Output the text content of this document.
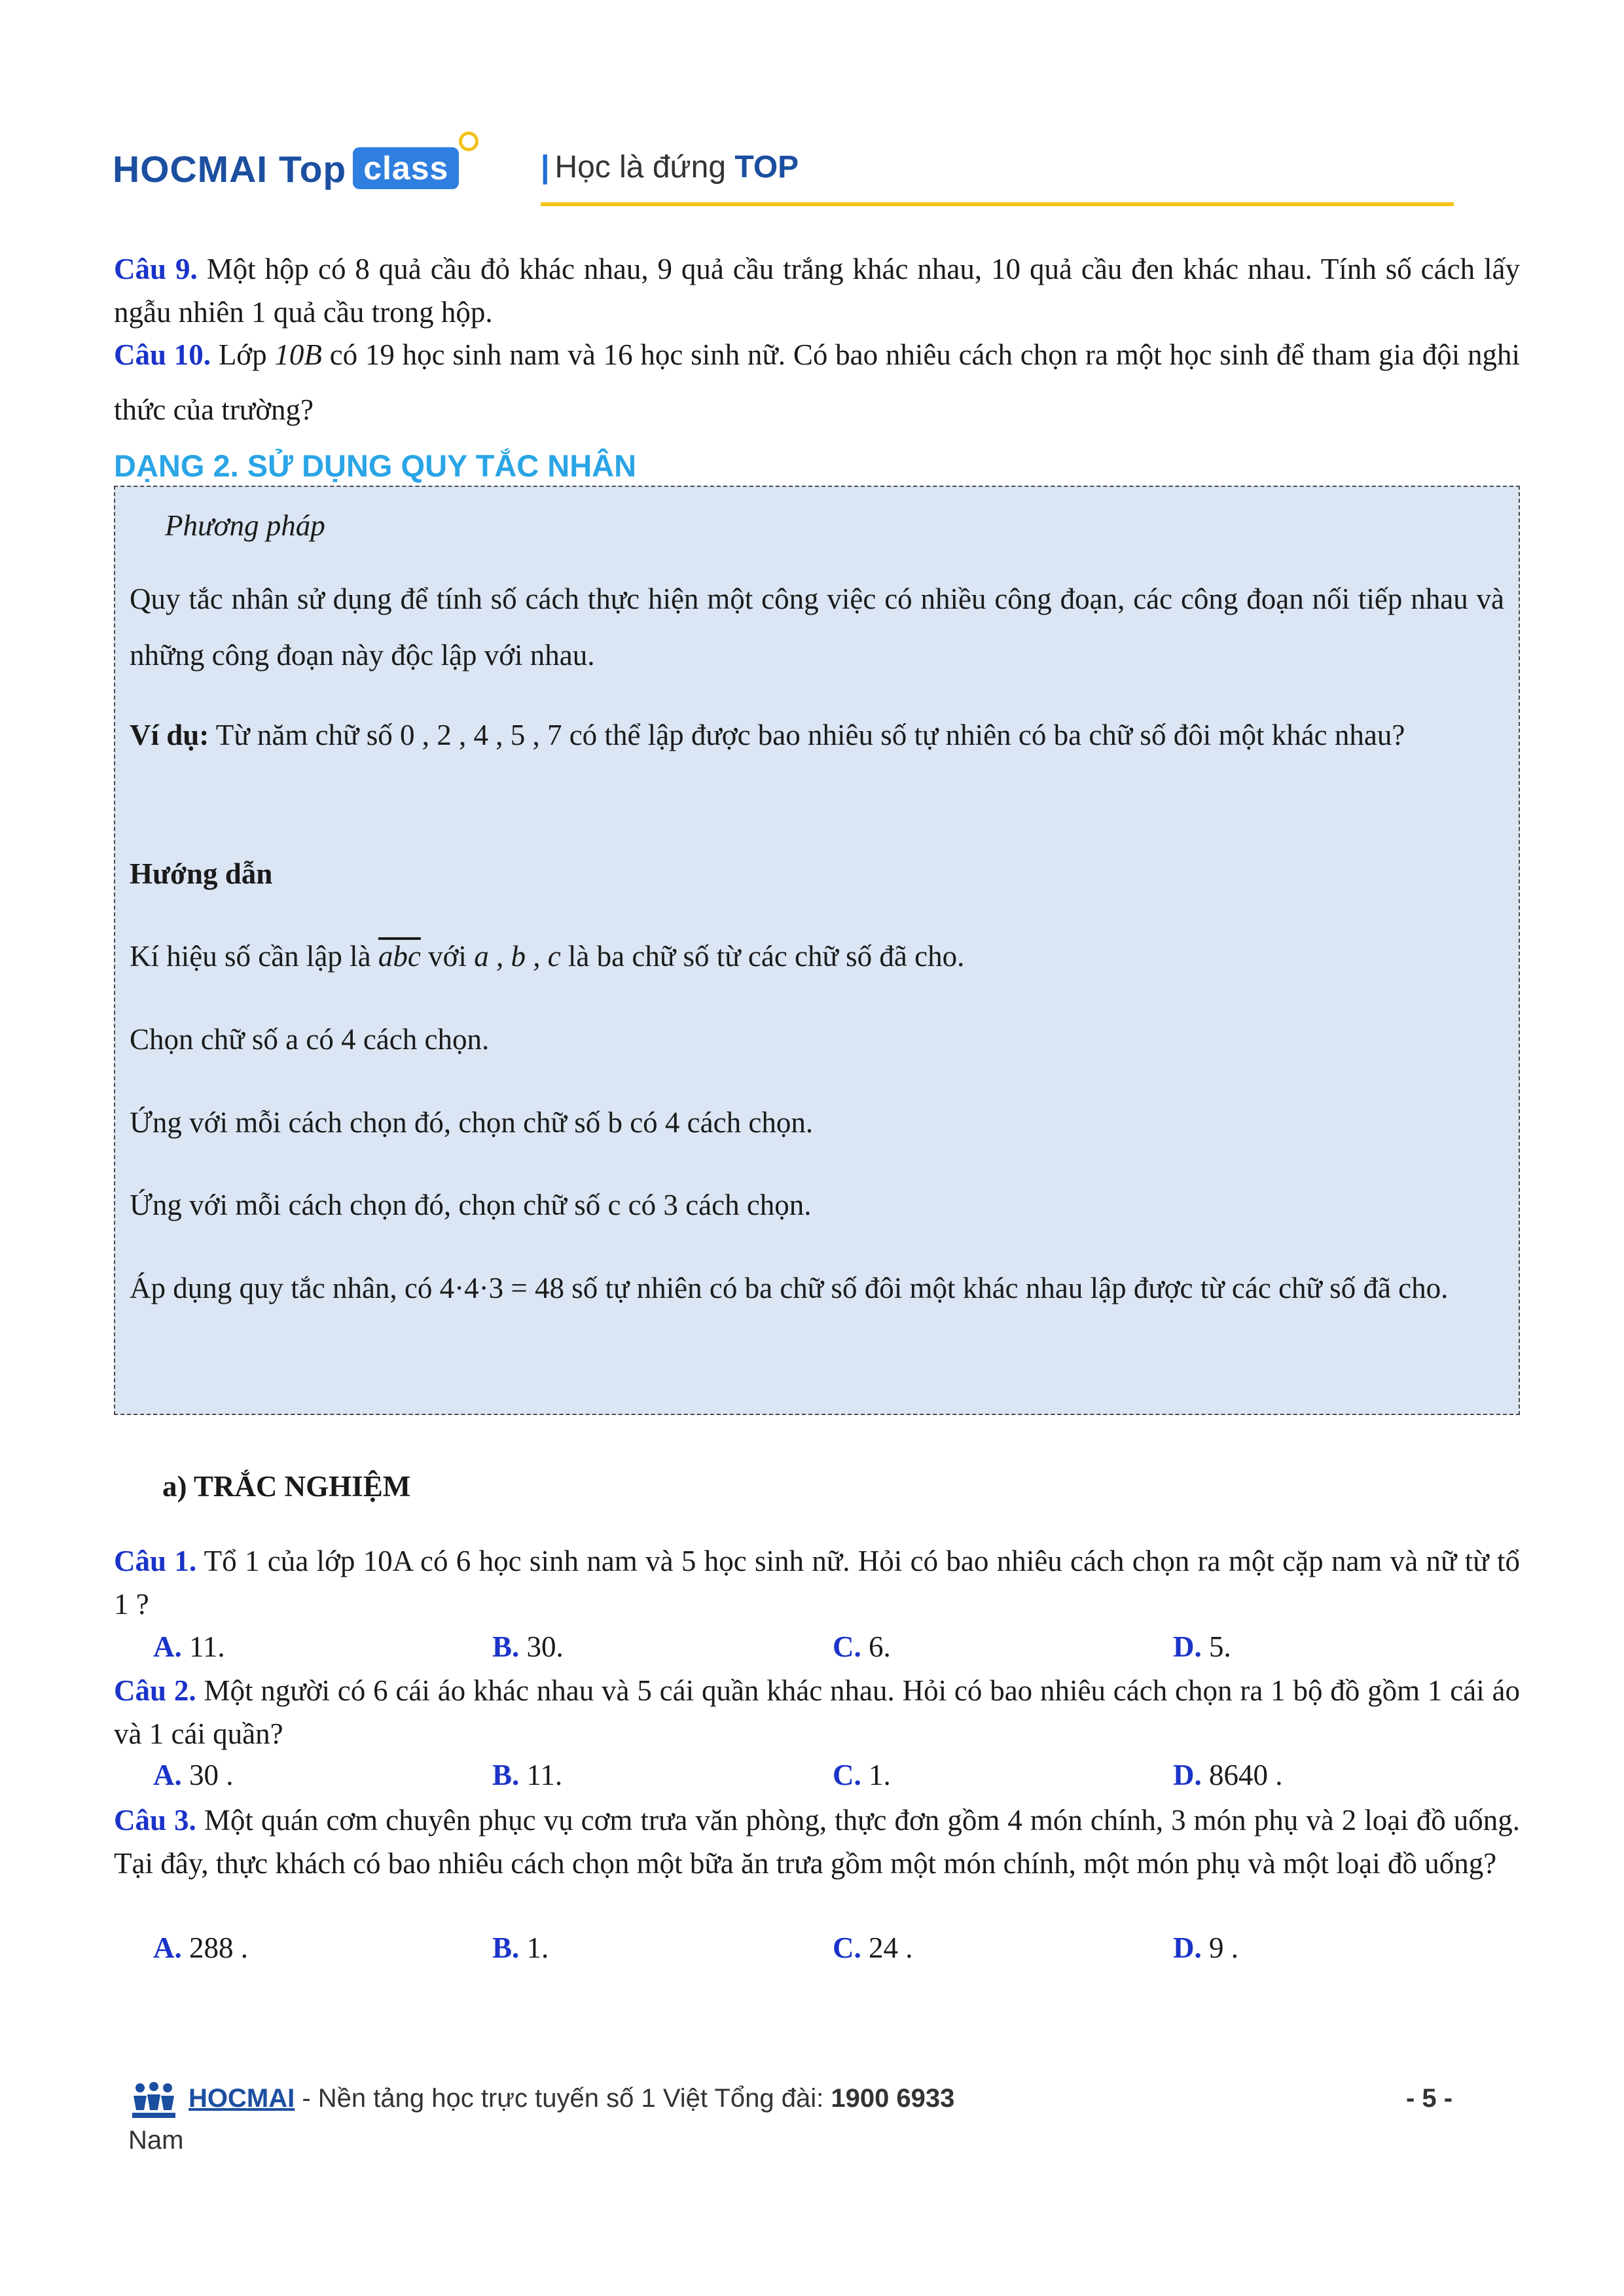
HOCMAI Top class	| Học là đứng TOP
Câu 9. Một hộp có 8 quả cầu đỏ khác nhau, 9 quả cầu trắng khác nhau, 10 quả cầu đen khác nhau. Tính số cách lấy ngẫu nhiên 1 quả cầu trong hộp.
Câu 10. Lớp 10B có 19 học sinh nam và 16 học sinh nữ. Có bao nhiêu cách chọn ra một học sinh để tham gia đội nghi thức của trường?
DẠNG 2. SỬ DỤNG QUY TẮC NHÂN
Phương pháp
Quy tắc nhân sử dụng để tính số cách thực hiện một công việc có nhiều công đoạn, các công đoạn nối tiếp nhau và những công đoạn này độc lập với nhau.
Ví dụ: Từ năm chữ số 0 , 2 , 4 , 5 , 7 có thể lập được bao nhiêu số tự nhiên có ba chữ số đôi một khác nhau?
Hướng dẫn
Kí hiệu số cần lập là $\overline{abc}$ với a , b , c là ba chữ số từ các chữ số đã cho.
Chọn chữ số a có 4 cách chọn.
Ứng với mỗi cách chọn đó, chọn chữ số b có 4 cách chọn.
Ứng với mỗi cách chọn đó, chọn chữ số c có 3 cách chọn.
Áp dụng quy tắc nhân, có 4·4·3 = 48 số tự nhiên có ba chữ số đôi một khác nhau lập được từ các chữ số đã cho.
a) TRẮC NGHIỆM
Câu 1. Tổ 1 của lớp 10A có 6 học sinh nam và 5 học sinh nữ. Hỏi có bao nhiêu cách chọn ra một cặp nam và nữ từ tổ 1 ?
A. 11.	B. 30.	C. 6.	D. 5.
Câu 2. Một người có 6 cái áo khác nhau và 5 cái quần khác nhau. Hỏi có bao nhiêu cách chọn ra 1 bộ đồ gồm 1 cái áo và 1 cái quần?
A. 30 .	B. 11.	C. 1.	D. 8640 .
Câu 3. Một quán cơm chuyên phục vụ cơm trưa văn phòng, thực đơn gồm 4 món chính, 3 món phụ và 2 loại đồ uống. Tại đây, thực khách có bao nhiêu cách chọn một bữa ăn trưa gồm một món chính, một món phụ và một loại đồ uống?
A. 288 .	B. 1.	C. 24 .	D. 9 .
HOCMAI - Nền tảng học trực tuyến số 1 Việt Tổng đài: 1900 6933
Nam
- 5 -
